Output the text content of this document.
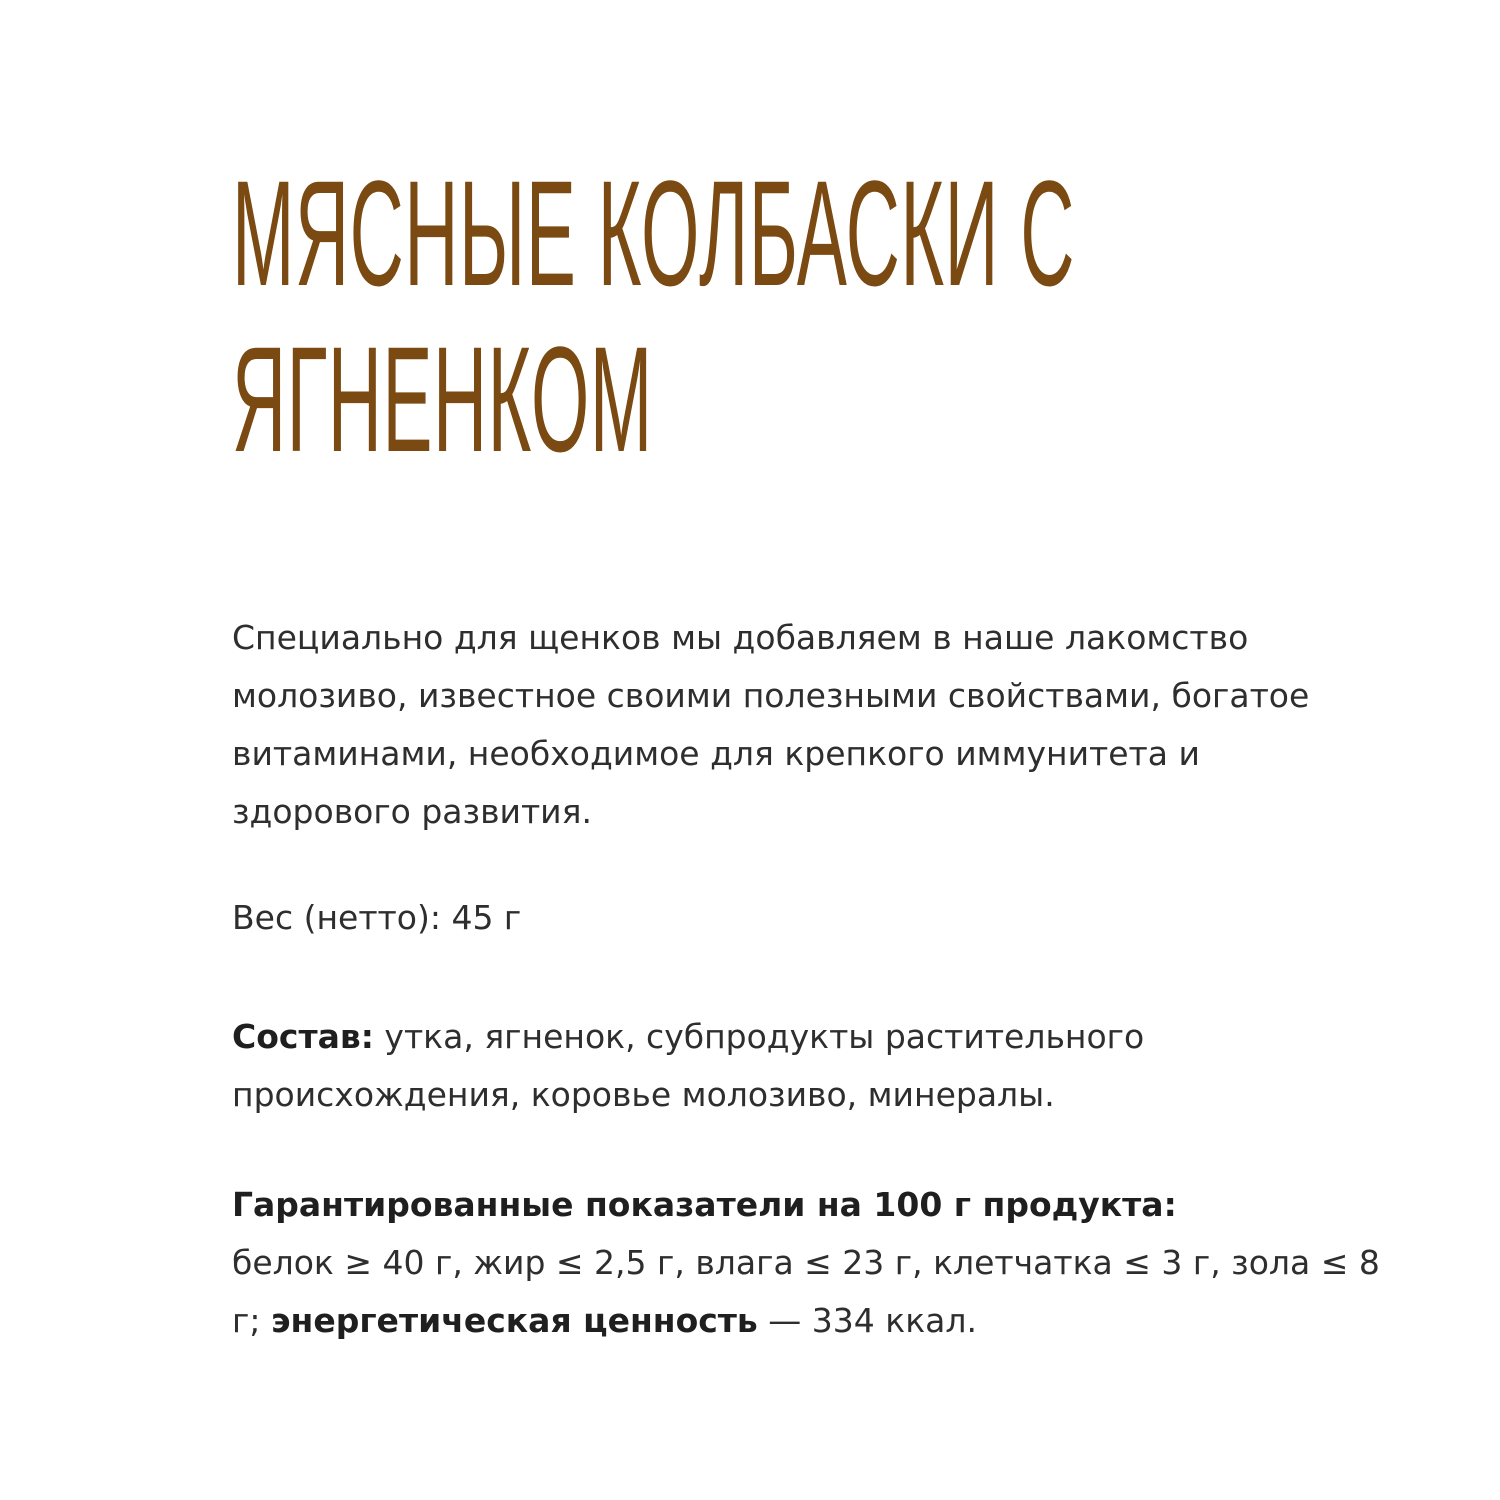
МЯСНЫЕ КОЛБАСКИ С
ЯГНЕНКОМ

Специально для щенков мы добавляем в наше лакомство молозиво, известное своими полезными свойствами, богатое витаминами, необходимое для крепкого иммунитета и здорового развития.

Вес (нетто): 45 г

Состав: утка, ягненок, субпродукты растительного происхождения, коровье молозиво, минералы.

Гарантированные показатели на 100 г продукта:
белок ≥ 40 г, жир ≤ 2,5 г, влага ≤ 23 г, клетчатка ≤ 3 г, зола ≤ 8 г; энергетическая ценность — 334 ккал.
